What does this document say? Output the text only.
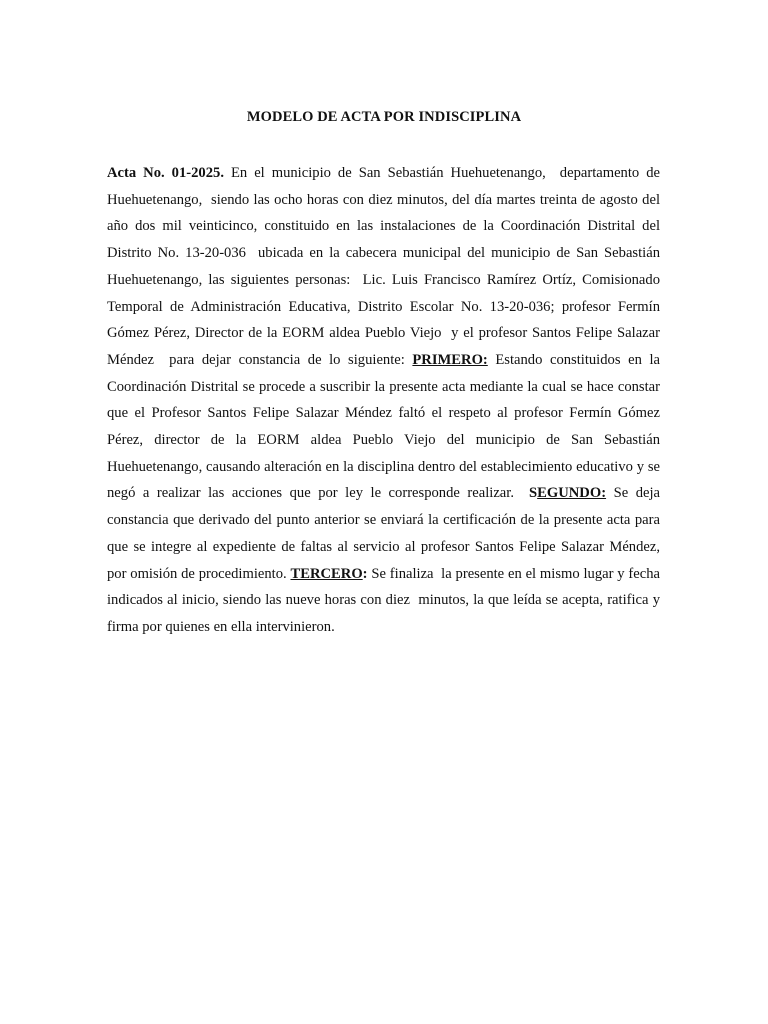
MODELO DE ACTA POR INDISCIPLINA

Acta No. 01-2025. En el municipio de San Sebastián Huehuetenango,  departamento de Huehuetenango,  siendo las ocho horas con diez minutos, del día martes treinta de agosto del año dos mil veinticinco, constituido en las instalaciones de la Coordinación Distrital del Distrito No. 13-20-036  ubicada en la cabecera municipal del municipio de San Sebastián Huehuetenango, las siguientes personas:  Lic. Luis Francisco Ramírez Ortíz, Comisionado Temporal de Administración Educativa, Distrito Escolar No. 13-20-036; profesor Fermín Gómez Pérez, Director de la EORM aldea Pueblo Viejo  y el profesor Santos Felipe Salazar Méndez  para dejar constancia de lo siguiente: PRIMERO: Estando constituidos en la Coordinación Distrital se procede a suscribir la presente acta mediante la cual se hace constar que el Profesor Santos Felipe Salazar Méndez faltó el respeto al profesor Fermín Gómez Pérez, director de la EORM aldea Pueblo Viejo del municipio de San Sebastián Huehuetenango, causando alteración en la disciplina dentro del establecimiento educativo y se negó a realizar las acciones que por ley le corresponde realizar.  SEGUNDO: Se deja constancia que derivado del punto anterior se enviará la certificación de la presente acta para que se integre al expediente de faltas al servicio al profesor Santos Felipe Salazar Méndez,  por omisión de procedimiento. TERCERO: Se finaliza  la presente en el mismo lugar y fecha indicados al inicio, siendo las nueve horas con diez  minutos, la que leída se acepta, ratifica y firma por quienes en ella intervinieron.
